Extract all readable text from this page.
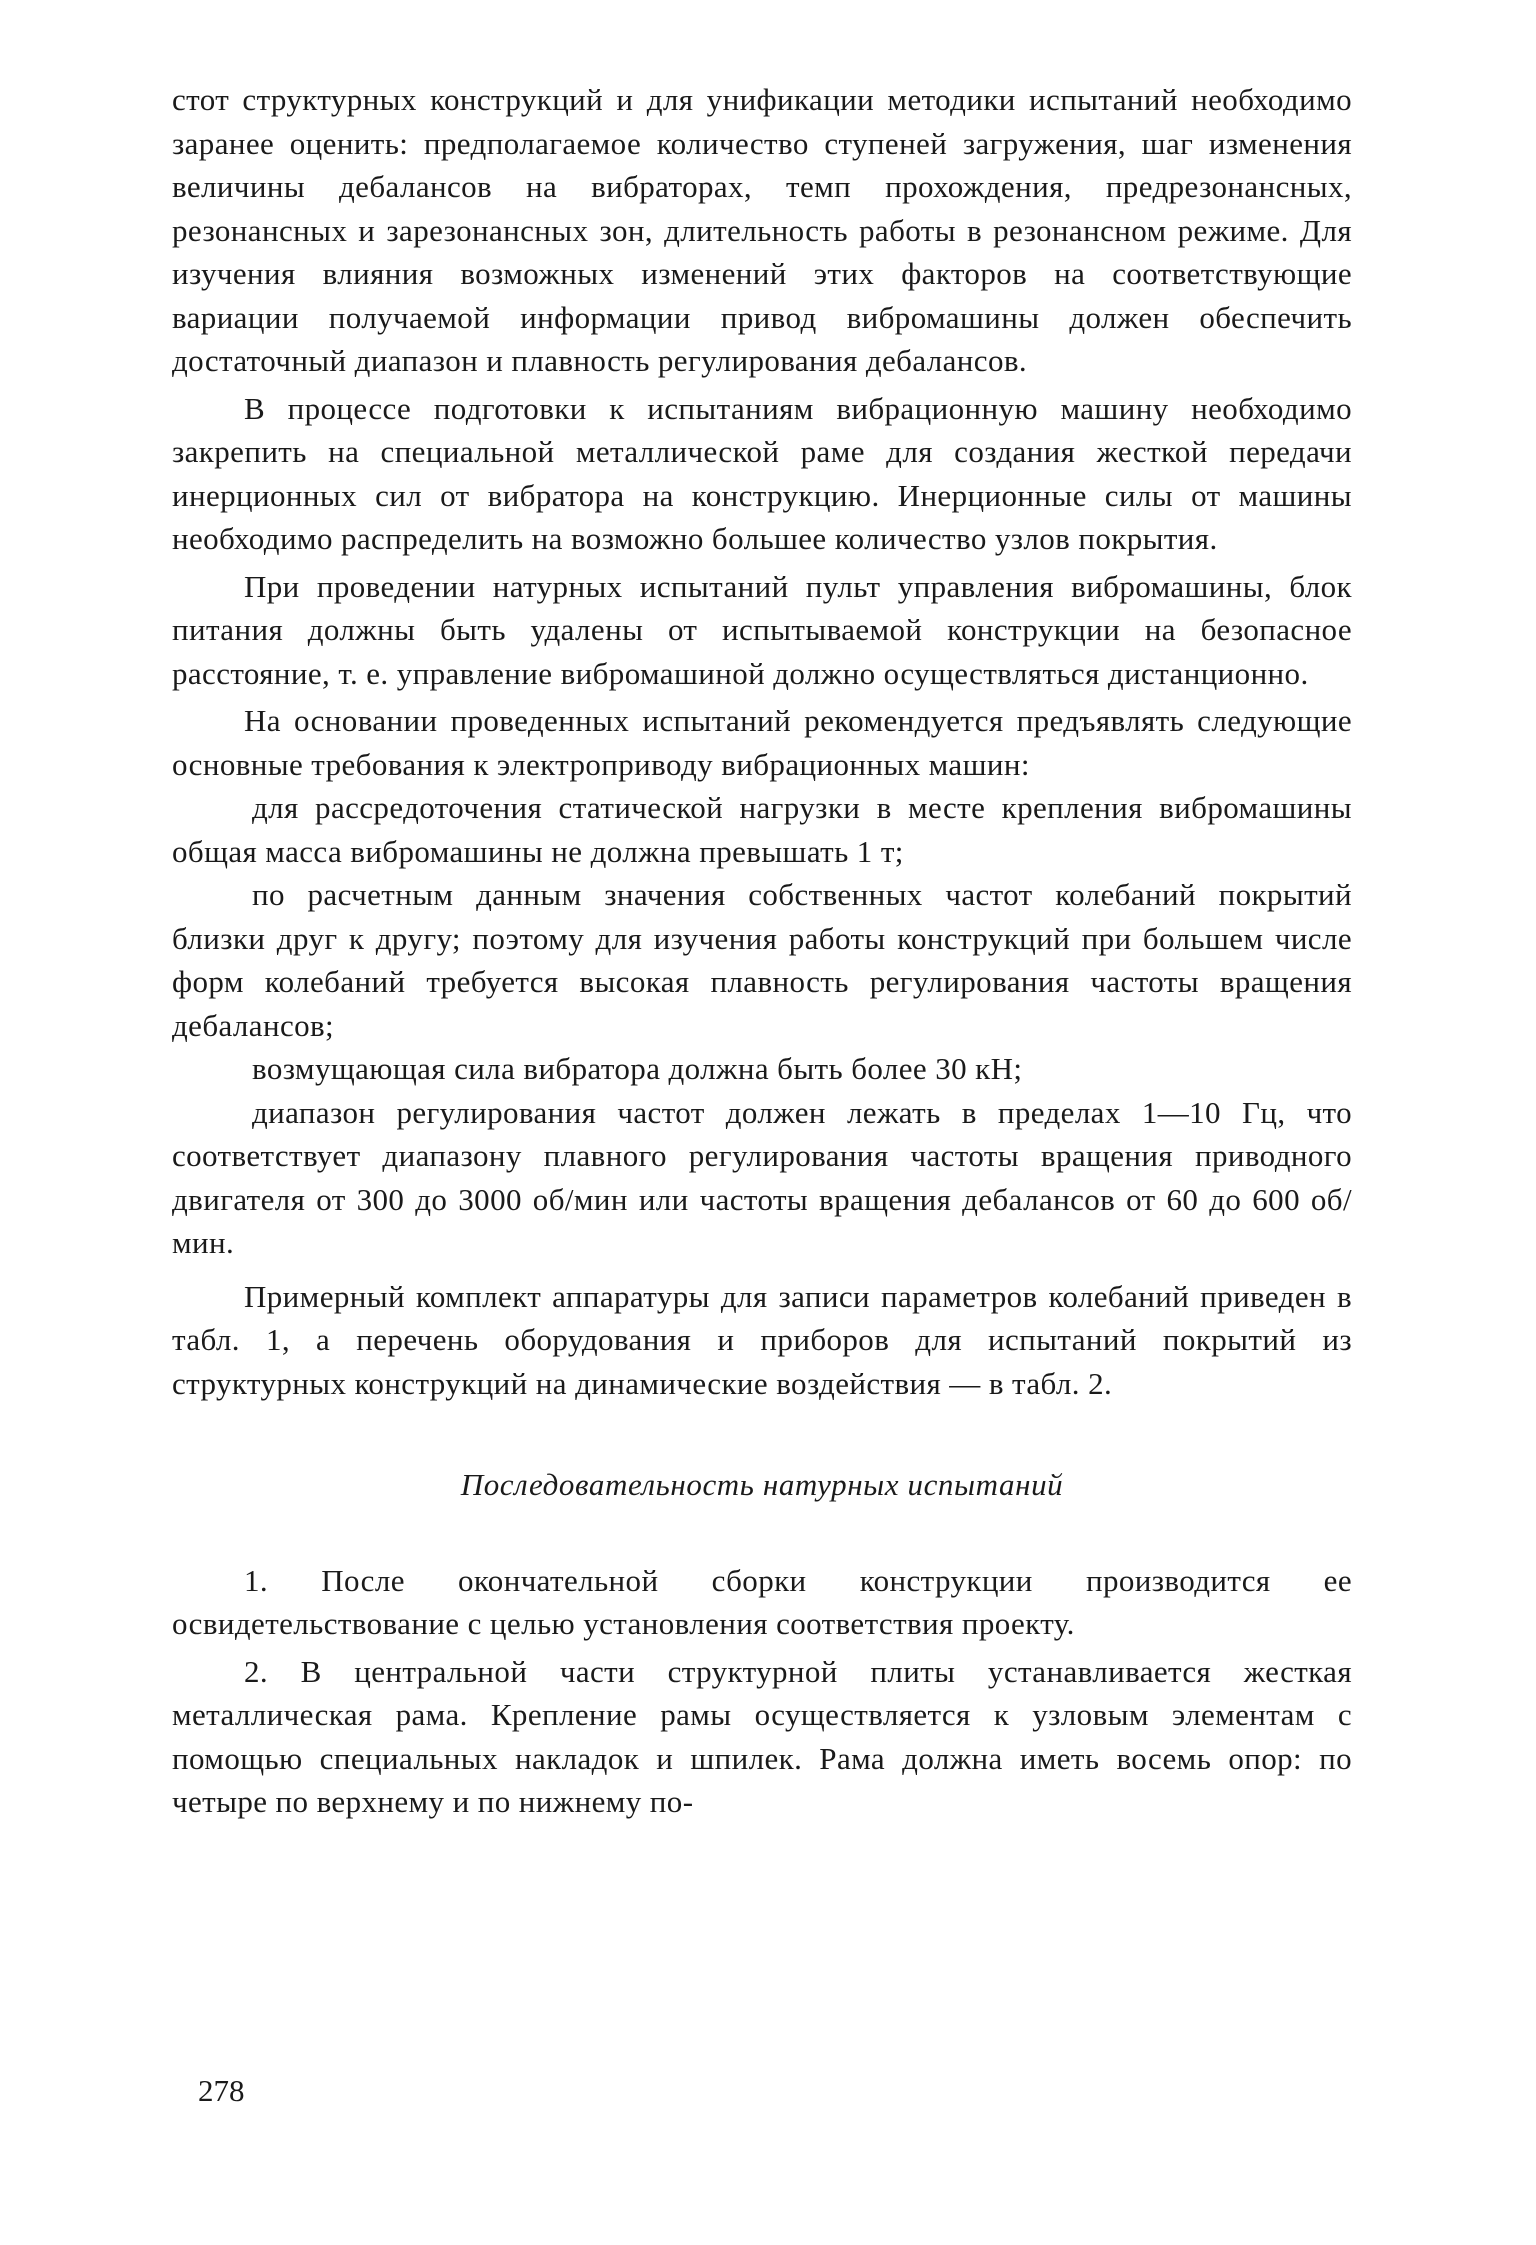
стот структурных конструкций и для унификации методики испытаний необходимо заранее оценить: предполагаемое количество ступеней загружения, шаг изменения величины дебалансов на вибраторах, темп прохождения, предрезонансных, резонансных и зарезонансных зон, длительность работы в резонансном режиме. Для изучения влияния возможных изменений этих факторов на соответствующие вариации получаемой информации привод вибромашины должен обеспечить достаточный диапазон и плавность регулирования дебалансов.

В процессе подготовки к испытаниям вибрационную машину необходимо закрепить на специальной металлической раме для создания жесткой передачи инерционных сил от вибратора на конструкцию. Инерционные силы от машины необходимо распределить на возможно большее количество узлов покрытия.

При проведении натурных испытаний пульт управления вибромашины, блок питания должны быть удалены от испытываемой конструкции на безопасное расстояние, т. е. управление вибромашиной должно осуществляться дистанционно.

На основании проведенных испытаний рекомендуется предъявлять следующие основные требования к электроприводу вибрационных машин:

для рассредоточения статической нагрузки в месте крепления вибромашины общая масса вибромашины не должна превышать 1 т;

по расчетным данным значения собственных частот колебаний покрытий близки друг к другу; поэтому для изучения работы конструкций при большем числе форм колебаний требуется высокая плавность регулирования частоты вращения дебалансов;

возмущающая сила вибратора должна быть более 30 кН;

диапазон регулирования частот должен лежать в пределах 1—10 Гц, что соответствует диапазону плавного регулирования частоты вращения приводного двигателя от 300 до 3000 об/мин или частоты вращения дебалансов от 60 до 600 об/мин.

Примерный комплект аппаратуры для записи параметров колебаний приведен в табл. 1, а перечень оборудования и приборов для испытаний покрытий из структурных конструкций на динамические воздействия — в табл. 2.

Последовательность натурных испытаний

1. После окончательной сборки конструкции производится ее освидетельствование с целью установления соответствия проекту.

2. В центральной части структурной плиты устанавливается жесткая металлическая рама. Крепление рамы осуществляется к узловым элементам с помощью специальных накладок и шпилек. Рама должна иметь восемь опор: по четыре по верхнему и по нижнему по-

278
